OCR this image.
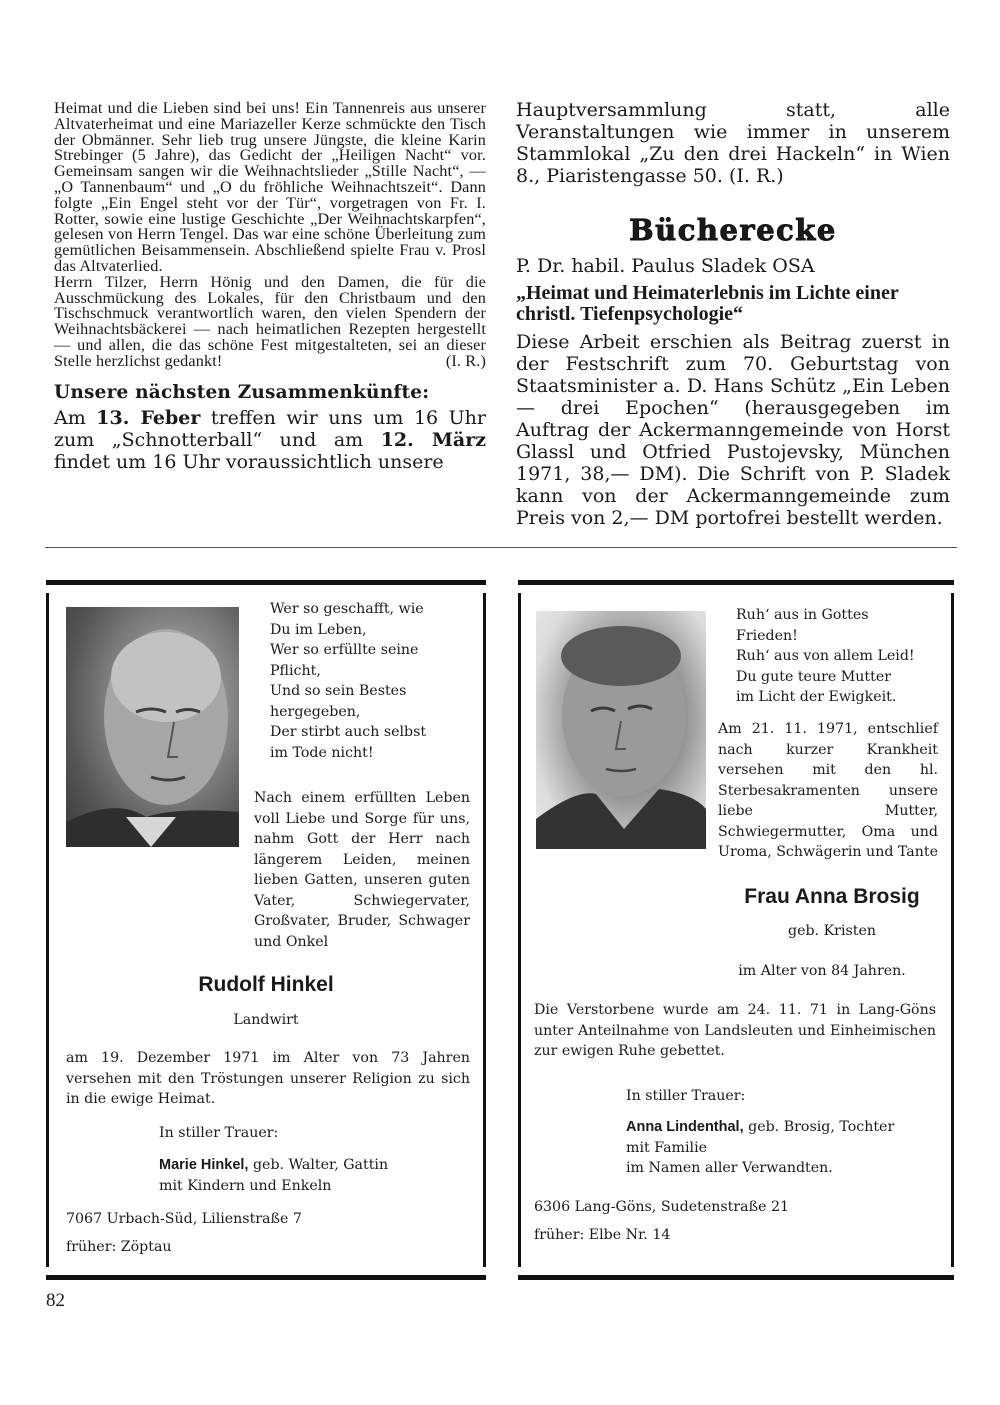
Heimat und die Lieben sind bei uns! Ein Tannenreis aus unserer Altvaterheimat und eine Mariazeller Kerze schmückte den Tisch der Obmänner. Sehr lieb trug unsere Jüngste, die kleine Karin Strebinger (5 Jahre), das Gedicht der „Heiligen Nacht“ vor. Gemeinsam sangen wir die Weihnachtslieder „Stille Nacht“, — „O Tannenbaum“ und „O du fröhliche Weihnachtszeit“. Dann folgte „Ein Engel steht vor der Tür“, vorgetragen von Fr. I. Rotter, sowie eine lustige Geschichte „Der Weihnachtskarpfen“, gelesen von Herrn Tengel. Das war eine schöne Überleitung zum gemütlichen Beisammensein. Abschließend spielte Frau v. Prosl das Altvaterlied.

Herrn Tilzer, Herrn Hönig und den Damen, die für die Ausschmückung des Lokales, für den Christbaum und den Tischschmuck verantwortlich waren, den vielen Spendern der Weihnachtsbäckerei — nach heimatlichen Rezepten hergestellt — und allen, die das schöne Fest mitgestalteten, sei an dieser Stelle herzlichst gedankt!	(I. R.)

Unsere nächsten Zusammenkünfte:

Am 13. Feber treffen wir uns um 16 Uhr zum „Schnotterball“ und am 12. März findet um 16 Uhr voraussichtlich unsere

Hauptversammlung statt, alle Veranstaltungen wie immer in unserem Stammlokal „Zu den drei Hackeln“ in Wien 8., Piaristengasse 50. (I. R.)

Bücherecke

P. Dr. habil. Paulus Sladek OSA

„Heimat und Heimaterlebnis im Lichte einer christl. Tiefenpsychologie“

Diese Arbeit erschien als Beitrag zuerst in der Festschrift zum 70. Geburtstag von Staatsminister a. D. Hans Schütz „Ein Leben — drei Epochen“ (herausgegeben im Auftrag der Ackermanngemeinde von Horst Glassl und Otfried Pustojevsky, München 1971, 38,— DM). Die Schrift von P. Sladek kann von der Ackermanngemeinde zum Preis von 2,— DM portofrei bestellt werden.

Wer so geschafft, wie
Du im Leben,
Wer so erfüllte seine
Pflicht,
Und so sein Bestes
hergegeben,
Der stirbt auch selbst
im Tode nicht!
Nach einem erfüllten Leben voll Liebe und Sorge für uns, nahm Gott der Herr nach längerem Leiden, meinen lieben Gatten, unseren guten Vater, Schwiegervater, Großvater, Bruder, Schwager und Onkel
Rudolf Hinkel
Landwirt
am 19. Dezember 1971 im Alter von 73 Jahren versehen mit den Tröstungen unserer Religion zu sich in die ewige Heimat.
In stiller Trauer:
Marie Hinkel, geb. Walter, Gattin
mit Kindern und Enkeln
7067 Urbach-Süd, Lilienstraße 7
früher: Zöptau
Ruh‘ aus in Gottes
Frieden!
Ruh‘ aus von allem Leid!
Du gute teure Mutter
im Licht der Ewigkeit.
Am 21. 11. 1971, entschlief nach kurzer Krankheit versehen mit den hl. Sterbesakramenten unsere liebe Mutter, Schwiegermutter, Oma und Uroma, Schwägerin und Tante
Frau Anna Brosig
geb. Kristen
im Alter von 84 Jahren.
Die Verstorbene wurde am 24. 11. 71 in Lang-Göns unter Anteilnahme von Landsleuten und Einheimischen zur ewigen Ruhe gebettet.
In stiller Trauer:
Anna Lindenthal, geb. Brosig, Tochter
mit Familie
im Namen aller Verwandten.
6306 Lang-Göns, Sudetenstraße 21
früher: Elbe Nr. 14
82
